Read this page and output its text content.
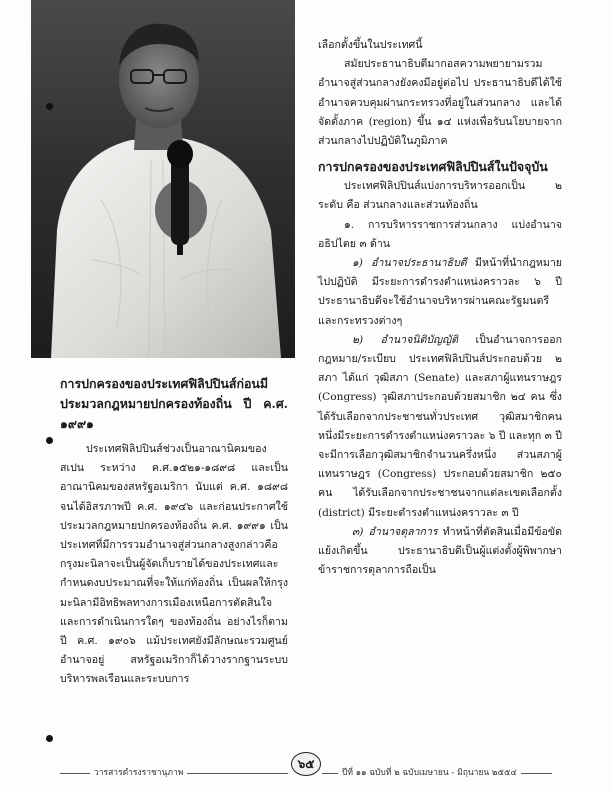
การปกครองของประเทศฟิลิปปินส์ก่อนมีประมวลกฎหมายปกครองท้องถิ่น ปี ค.ศ. ๑๙๙๑

ประเทศฟิลิปปินส์ช่วงเป็นอาณานิคมของสเปน ระหว่าง ค.ศ.๑๕๒๑-๑๘๙๘ และเป็นอาณานิคมของสหรัฐอเมริกา นับแต่ ค.ศ. ๑๘๙๘ จนได้อิสรภาพปี ค.ศ. ๑๙๔๖ และก่อนประกาศใช้ประมวลกฎหมายปกครองท้องถิ่น ค.ศ. ๑๙๙๑ เป็นประเทศที่มีการรวมอำนาจสู่ส่วนกลางสูงกล่าวคือกรุงมะนิลาจะเป็นผู้จัดเก็บรายได้ของประเทศและกำหนดงบประมาณที่จะให้แก่ท้องถิ่น เป็นผลให้กรุงมะนิลามีอิทธิพลทางการเมืองเหนือการตัดสินใจและการดำเนินการใดๆ ของท้องถิ่น อย่างไรก็ตาม ปี ค.ศ. ๑๙๐๖ แม้ประเทศยังมีลักษณะรวมศูนย์อำนาจอยู่ สหรัฐอเมริกาก็ได้วางรากฐานระบบบริหารพลเรือนและระบบการ

เลือกตั้งขึ้นในประเทศนี้

สมัยประธานาธิบดีมากอสความพยายามรวมอำนาจสู่ส่วนกลางยังคงมีอยู่ต่อไป ประธานาธิบดีได้ใช้อำนาจควบคุมผ่านกระทรวงที่อยู่ในส่วนกลาง และได้จัดตั้งภาค (region) ขึ้น ๑๔ แห่งเพื่อรับนโยบายจากส่วนกลางไปปฏิบัติในภูมิภาค

การปกครองของประเทศฟิลิปปินส์ในปัจจุบัน

ประเทศฟิลิปปินส์แบ่งการบริหารออกเป็น ๒ ระดับ คือ ส่วนกลางและส่วนท้องถิ่น

๑. การบริหารราชการส่วนกลาง แบ่งอำนาจอธิปไตย ๓ ด้าน

๑) อำนาจประธานาธิบดี มีหน้าที่นำกฎหมายไปปฏิบัติ มีระยะการดำรงตำแหน่งคราวละ ๖ ปี ประธานาธิบดีจะใช้อำนาจบริหารผ่านคณะรัฐมนตรี และกระทรวงต่างๆ

๒) อำนาจนิติบัญญัติ เป็นอำนาจการออกกฎหมาย/ระเบียบ ประเทศฟิลิปปินส์ประกอบด้วย ๒ สภา ได้แก่ วุฒิสภา (Senate) และสภาผู้แทนราษฎร (Congress) วุฒิสภาประกอบด้วยสมาชิก ๒๔ คน ซึ่งได้รับเลือกจากประชาชนทั่วประเทศ วุฒิสมาชิกคนหนึ่งมีระยะการดำรงตำแหน่งคราวละ ๖ ปี และทุก ๓ ปีจะมีการเลือกวุฒิสมาชิกจำนวนครึ่งหนึ่ง ส่วนสภาผู้แทนราษฎร (Congress) ประกอบด้วยสมาชิก ๒๕๐ คน ได้รับเลือกจากประชาชนจากแต่ละเขตเลือกตั้ง (district) มีระยะดำรงตำแหน่งคราวละ ๓ ปี

๓) อำนาจตุลาการ ทำหน้าที่ตัดสินเมื่อมีข้อขัดแย้งเกิดขึ้น ประธานาธิบดีเป็นผู้แต่งตั้งผู้พิพากษา ข้าราชการตุลาการถือเป็น

วารสารดำรงราชานุภาพ	ปีที่ ๑๑ ฉบับที่ ๒ ฉบับเมษายน - มิถุนายน ๒๕๕๔
๖๕
